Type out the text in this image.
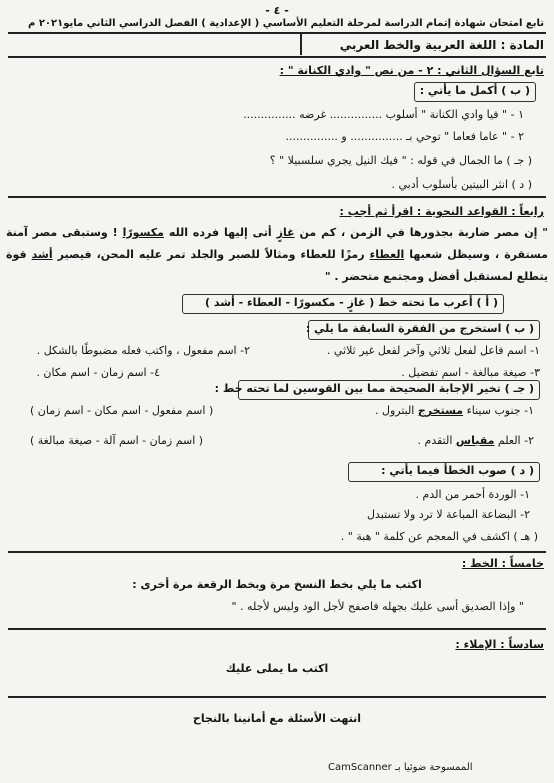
- ٤ -
تابع امتحان شهادة إتمام الدراسة لمرحلة التعليم الأساسي ( الإعدادية ) الفصل الدراسي الثاني مايو٢٠٢١ م
المادة : اللغة العربية والخط العربي
تابع السؤال الثاني : ٢ - من نص " وادي الكنانة " :
( ب ) أكمل ما يأتي :
١ - " فيا وادي الكنانة " أسلوب ............... غرضه ...............
٢ - " عاما فعاما " توحي بـ ............... و ...............
( جـ ) ما الجمال في قوله : " فيك النيل يجري سلسبيلا " ؟
( د ) انثر البيتين بأسلوب أدبي .
رابعاً : القواعد النحوية : اقرأ ثم أجب :
" إن مصر ضاربة بجذورها في الزمن ، كم من غازٍ أتى إليها فرده الله مكسورًا ! وستبقى مصر آمنة مستقرة ، وسيظل شعبها العطاء رمزًا للعطاء ومثالاً للصبر والجلد تمر عليه المحن، فيصير أشد قوة يتطلع لمستقبل أفضل ومجتمع متحضر . "
( أ ) أعرب ما تحته خط ( غازٍ - مكسورًا - العطاء - أشد )
( ب ) استخرج من الفقرة السابقة ما يلي :
١- اسم فاعل لفعل ثلاثي وآخر لفعل غير ثلاثي .
٢- اسم مفعول ، واكتب فعله مضبوطًا بالشكل .
٣- صيغة مبالغة - اسم تفضيل .
٤- اسم زمان - اسم مكان .
( جـ ) تخير الإجابة الصحيحة مما بين القوسين لما تحته خط :
١- جنوب سيناء مستخرج البترول .
( اسم مفعول - اسم مكان - اسم زمان )
٢- العلم مقياس التقدم .
( اسم زمان - اسم آلة - صيغة مبالغة )
( د ) صوب الخطأ فيما يأتي :
١- الوردة أحمر من الدم .
٢- البضاعة المباعة لا ترد ولا تستبدل
( هـ ) اكشف في المعجم عن كلمة " هبة " .
خامساً : الخط :
اكتب ما يلي بخط النسخ مرة وبخط الرقعة مرة أخرى :
" وإذا الصديق أسى عليك بجهله فاصفح لأجل الود وليس لأجله . "
سادساً : الإملاء :
اكتب ما يملى عليك
انتهت الأسئلة مع أمانينا بالنجاح
الممسوحة ضوئيا بـ CamScanner
